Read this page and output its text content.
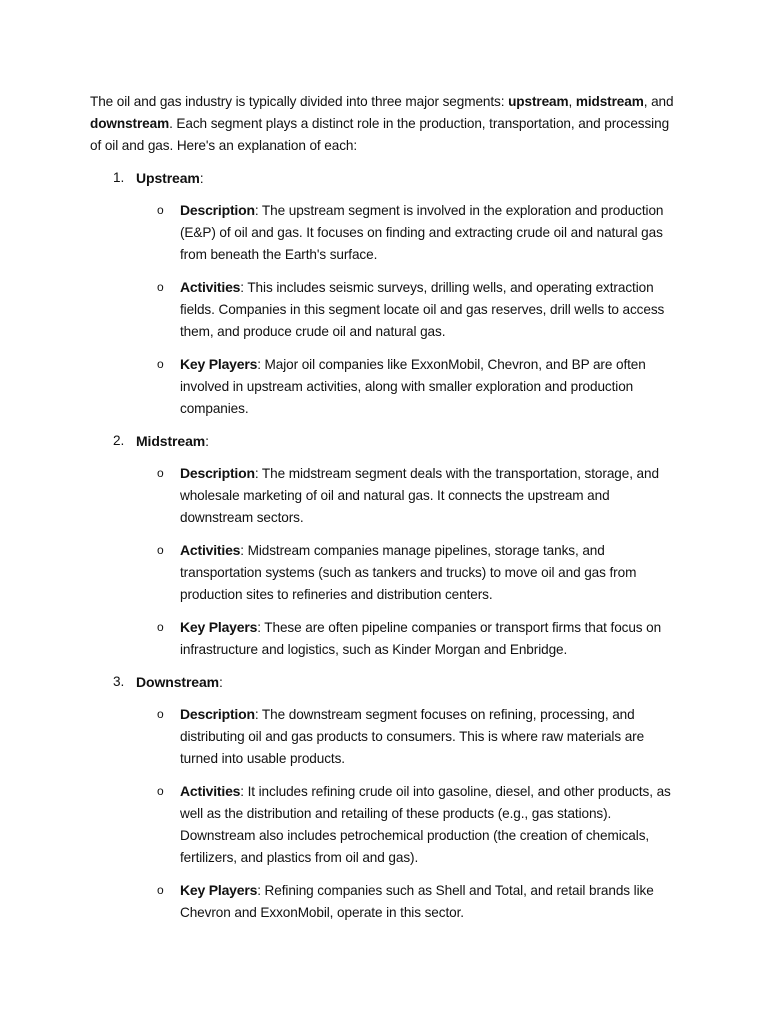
The oil and gas industry is typically divided into three major segments: upstream, midstream, and downstream. Each segment plays a distinct role in the production, transportation, and processing of oil and gas. Here's an explanation of each:

1. Upstream:
o Description: The upstream segment is involved in the exploration and production (E&P) of oil and gas. It focuses on finding and extracting crude oil and natural gas from beneath the Earth's surface.
o Activities: This includes seismic surveys, drilling wells, and operating extraction fields. Companies in this segment locate oil and gas reserves, drill wells to access them, and produce crude oil and natural gas.
o Key Players: Major oil companies like ExxonMobil, Chevron, and BP are often involved in upstream activities, along with smaller exploration and production companies.
2. Midstream:
o Description: The midstream segment deals with the transportation, storage, and wholesale marketing of oil and natural gas. It connects the upstream and downstream sectors.
o Activities: Midstream companies manage pipelines, storage tanks, and transportation systems (such as tankers and trucks) to move oil and gas from production sites to refineries and distribution centers.
o Key Players: These are often pipeline companies or transport firms that focus on infrastructure and logistics, such as Kinder Morgan and Enbridge.
3. Downstream:
o Description: The downstream segment focuses on refining, processing, and distributing oil and gas products to consumers. This is where raw materials are turned into usable products.
o Activities: It includes refining crude oil into gasoline, diesel, and other products, as well as the distribution and retailing of these products (e.g., gas stations). Downstream also includes petrochemical production (the creation of chemicals, fertilizers, and plastics from oil and gas).
o Key Players: Refining companies such as Shell and Total, and retail brands like Chevron and ExxonMobil, operate in this sector.
